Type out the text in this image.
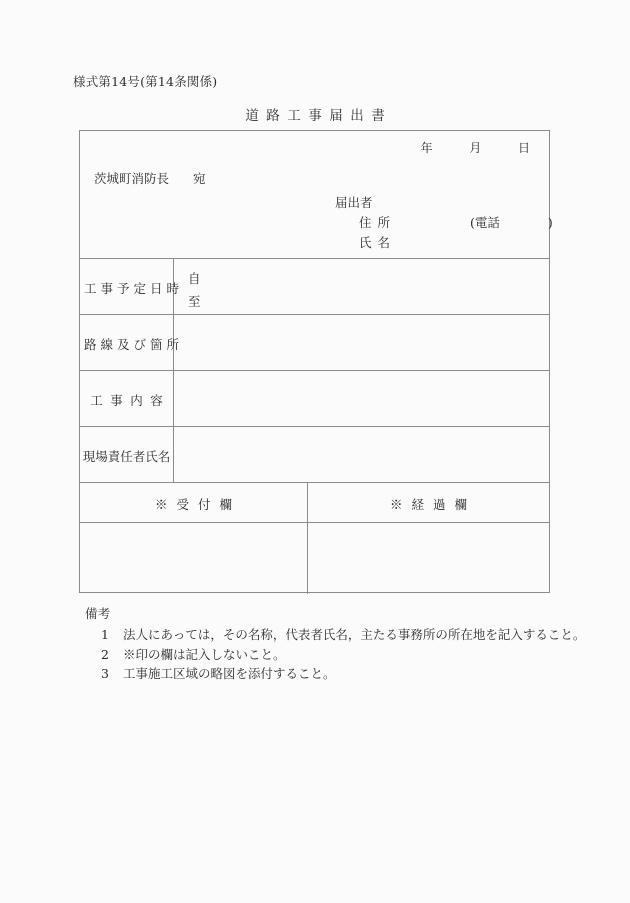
様式第14号(第14条関係)
道路工事届出書
年	月	日
茨城町消防長 宛
届出者
住所	(電話	)
氏名
工事予定日時
自
至
路線及び箇所
工事内容
現場責任者氏名
※受付欄	※経過欄
備考
1 法人にあっては，その名称，代表者氏名，主たる事務所の所在地を記入すること。
2 ※印の欄は記入しないこと。
3 工事施工区域の略図を添付すること。
